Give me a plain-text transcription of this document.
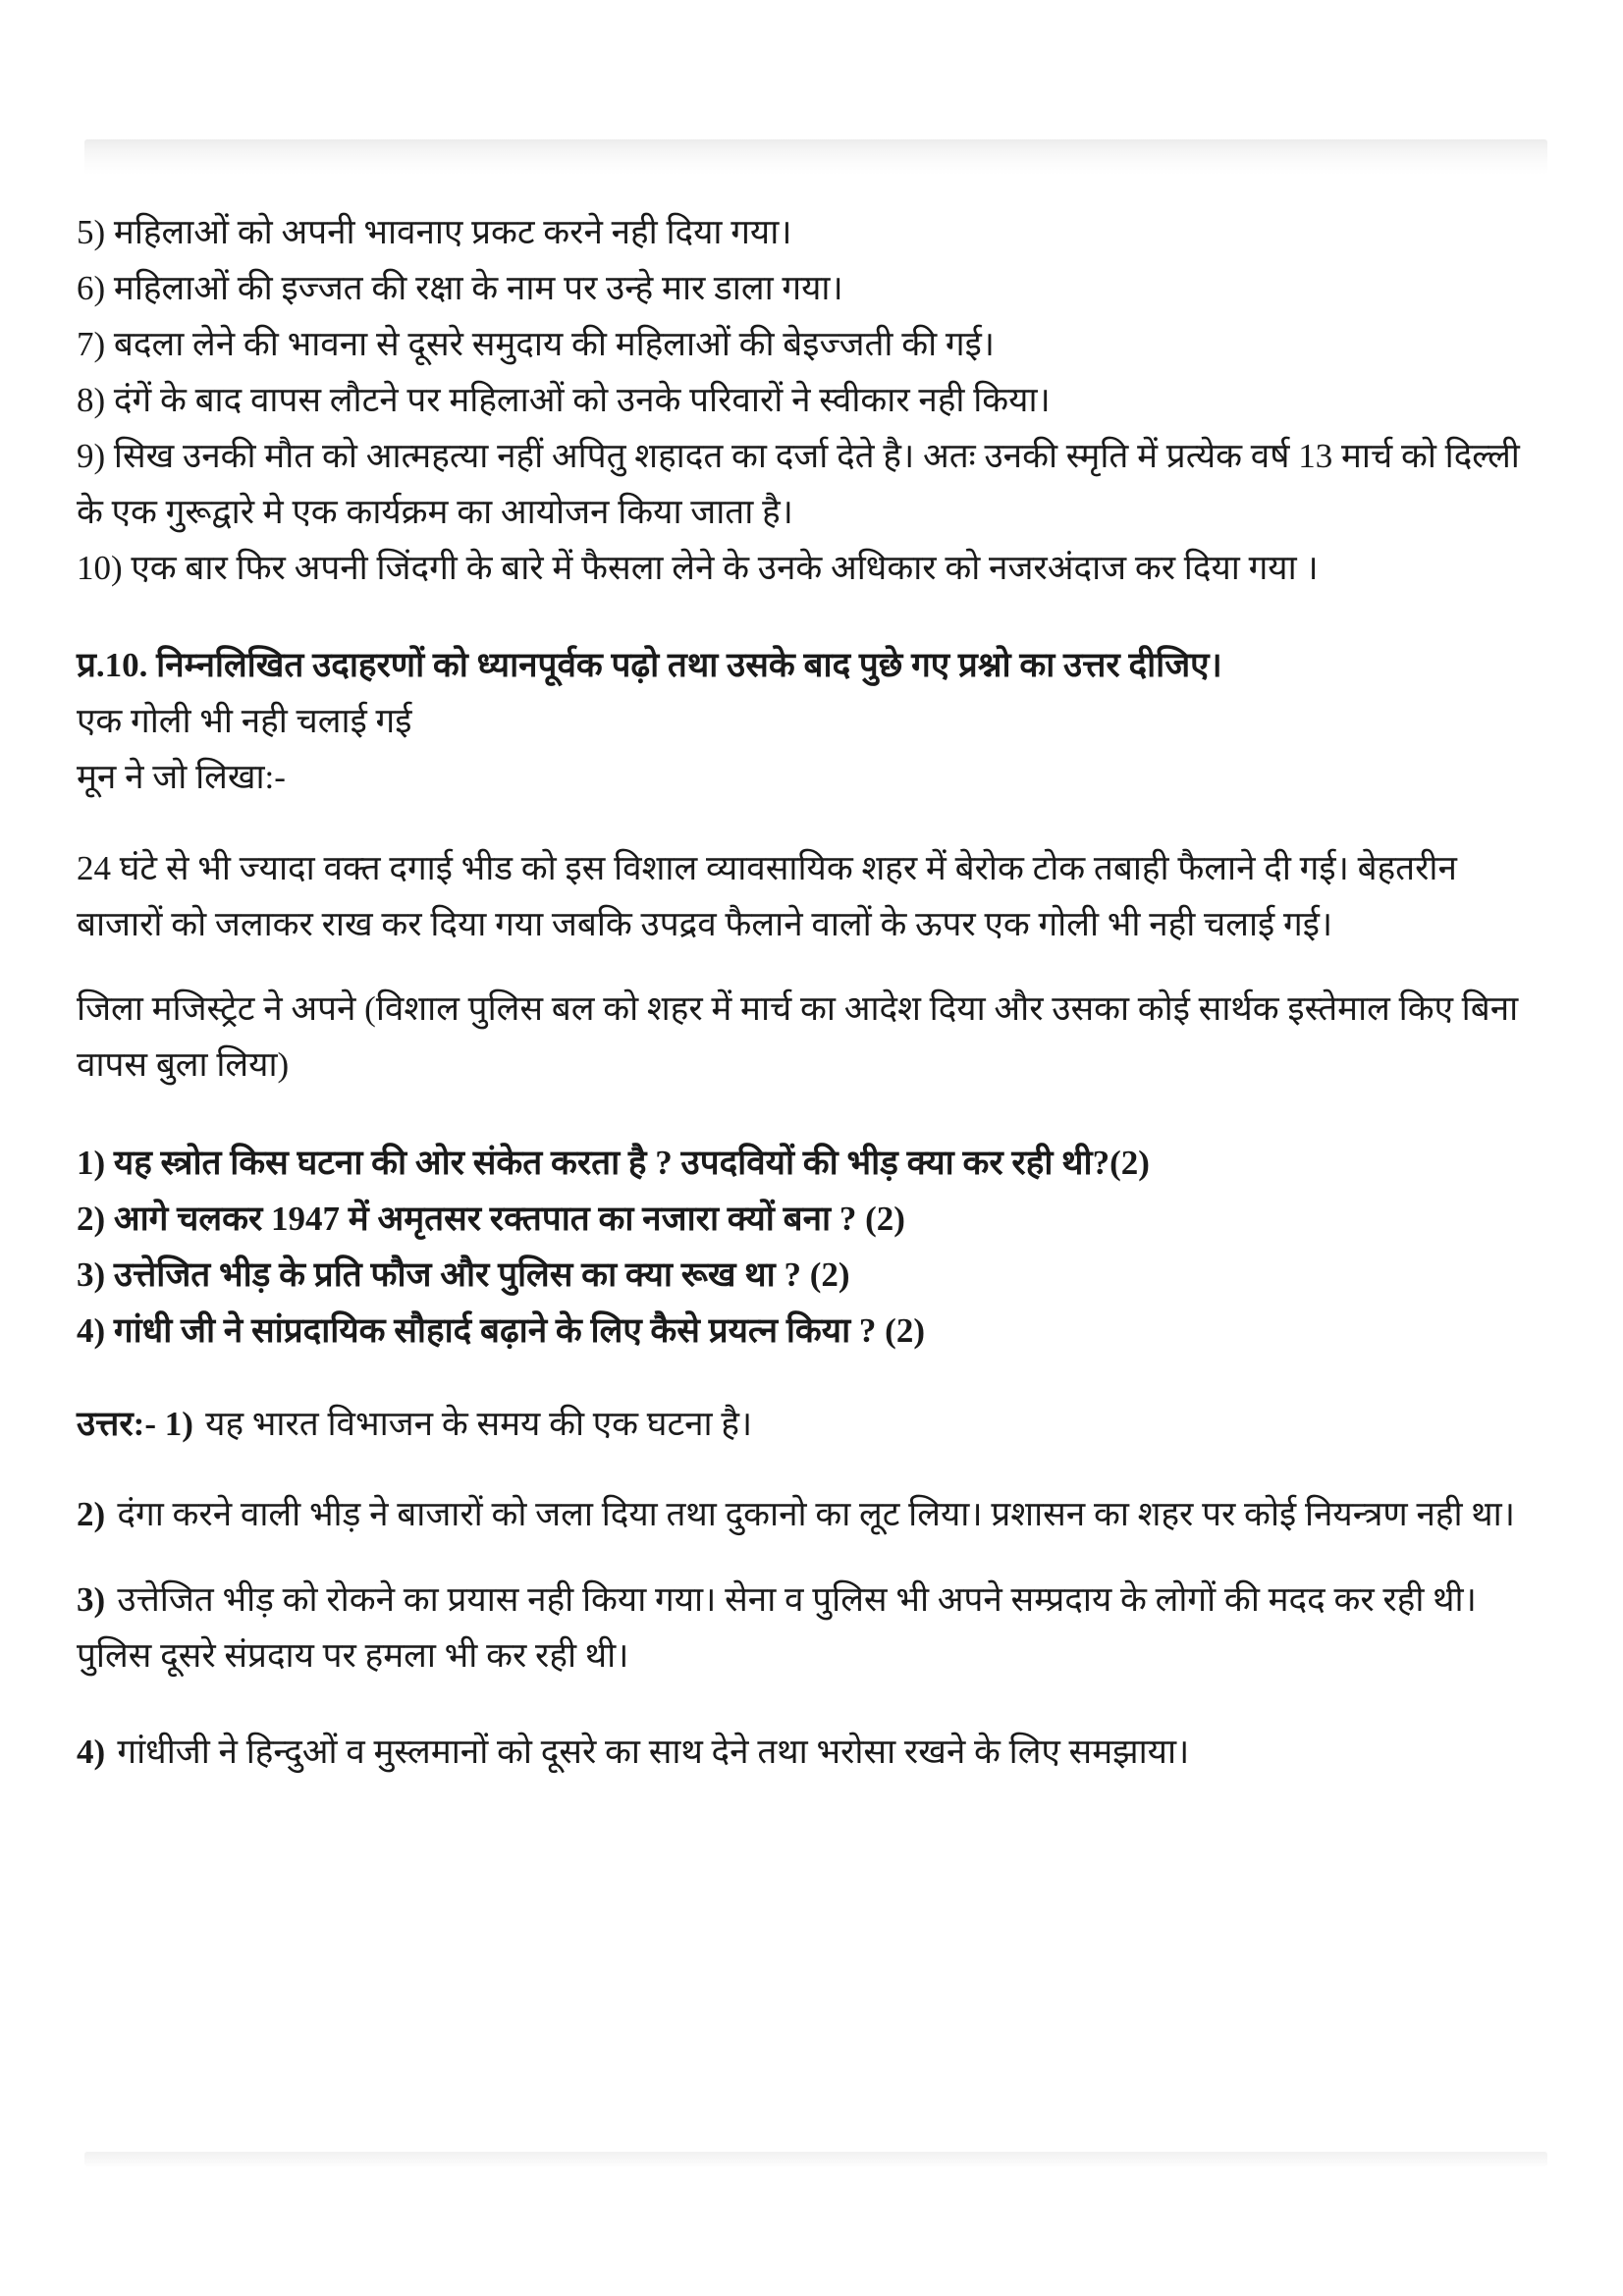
5) महिलाओं को अपनी भावनाए प्रकट करने नही दिया गया।
6) महिलाओं की इज्जत की रक्षा के नाम पर उन्हे मार डाला गया।
7) बदला लेने की भावना से दूसरे समुदाय की महिलाओं की बेइज्जती की गई।
8) दंगें के बाद वापस लौटने पर महिलाओं को उनके परिवारों ने स्वीकार नही किया।
9) सिख उनकी मौत को आत्महत्या नहीं अपितु शहादत का दर्जा देते है। अतः उनकी स्मृति में प्रत्येक वर्ष 13 मार्च को दिल्ली के एक गुरूद्वारे मे एक कार्यक्रम का आयोजन किया जाता है।
10) एक बार फिर अपनी जिंदगी के बारे में फैसला लेने के उनके अधिकार को नजरअंदाज कर दिया गया ।
प्र.10. निम्नलिखित उदाहरणों को ध्यानपूर्वक पढ़ो तथा उसके बाद पुछे गए प्रश्नो का उत्तर दीजिए।
एक गोली भी नही चलाई गई
मून ने जो लिखा:-
24 घंटे से भी ज्यादा वक्त दगाई भीड को इस विशाल व्यावसायिक शहर में बेरोक टोक तबाही फैलाने दी गई। बेहतरीन बाजारों को जलाकर राख कर दिया गया जबकि उपद्रव फैलाने वालों के ऊपर एक गोली भी नही चलाई गई।
जिला मजिस्ट्रेट ने अपने (विशाल पुलिस बल को शहर में मार्च का आदेश दिया और उसका कोई सार्थक इस्तेमाल किए बिना वापस बुला लिया)
1) यह स्त्रोत किस घटना की ओर संकेत करता है ? उपदवियों की भीड़ क्या कर रही थी?(2)
2) आगे चलकर 1947 में अमृतसर रक्तपात का नजारा क्यों बना ? (2)
3) उत्तेजित भीड़ के प्रति फौज और पुलिस का क्या रूख था ? (2)
4) गांधी जी ने सांप्रदायिक सौहार्द बढ़ाने के लिए कैसे प्रयत्न किया ? (2)
उत्तर:- 1) यह भारत विभाजन के समय की एक घटना है।
2) दंगा करने वाली भीड़ ने बाजारों को जला दिया तथा दुकानो का लूट लिया। प्रशासन का शहर पर कोई नियन्त्रण नही था।
3) उत्तेजित भीड़ को रोकने का प्रयास नही किया गया। सेना व पुलिस भी अपने सम्प्रदाय के लोगों की मदद कर रही थी। पुलिस दूसरे संप्रदाय पर हमला भी कर रही थी।
4) गांधीजी ने हिन्दुओं व मुस्लमानों को दूसरे का साथ देने तथा भरोसा रखने के लिए समझाया।
